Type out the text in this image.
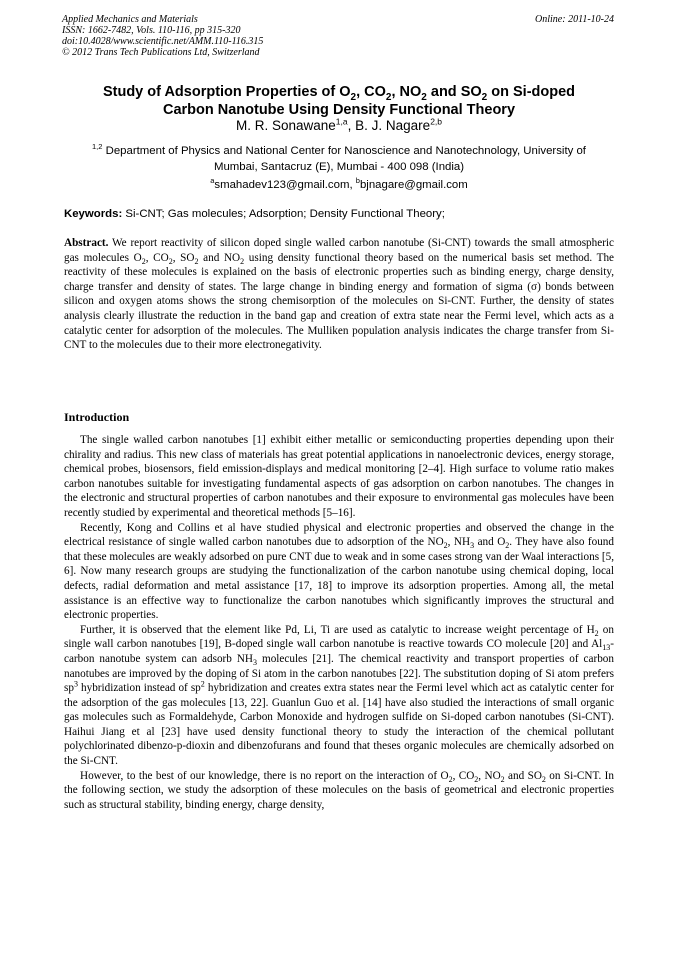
Applied Mechanics and Materials
ISSN: 1662-7482, Vols. 110-116, pp 315-320
doi:10.4028/www.scientific.net/AMM.110-116.315
© 2012 Trans Tech Publications Ltd, Switzerland
Online: 2011-10-24
Study of Adsorption Properties of $O_2$, $CO_2$, $NO_2$ and $SO_2$ on Si-doped
Carbon Nanotube Using Density Functional Theory
M. R. Sonawane$^{1,a}$, B. J. Nagare$^{2,b}$
$^{1,2}$ Department of Physics and National Center for Nanoscience and Nanotechnology, University of
Mumbai, Santacruz (E), Mumbai - 400 098 (India)
$^a$smahadev123@gmail.com, $^b$bjnagare@gmail.com
Keywords: Si-CNT; Gas molecules; Adsorption; Density Functional Theory;
Abstract. We report reactivity of silicon doped single walled carbon nanotube (Si-CNT) towards the small atmospheric gas molecules $O_2$, $CO_2$, $SO_2$ and $NO_2$ using density functional theory based on the numerical basis set method. The reactivity of these molecules is explained on the basis of electronic properties such as binding energy, charge density, charge transfer and density of states. The large change in binding energy and formation of sigma (σ) bonds between silicon and oxygen atoms shows the strong chemisorption of the molecules on Si-CNT. Further, the density of states analysis clearly illustrate the reduction in the band gap and creation of extra state near the Fermi level, which acts as a catalytic center for adsorption of the molecules. The Mulliken population analysis indicates the charge transfer from Si-CNT to the molecules due to their more electronegativity.
Introduction

The single walled carbon nanotubes [1] exhibit either metallic or semiconducting properties depending upon their chirality and radius. This new class of materials has great potential applications in nanoelectronic devices, energy storage, chemical probes, biosensors, field emission-displays and medical monitoring [2–4]. High surface to volume ratio makes carbon nanotubes suitable for investigating fundamental aspects of gas adsorption on carbon nanotubes. The changes in the electronic and structural properties of carbon nanotubes and their exposure to environmental gas molecules have been recently studied by experimental and theoretical methods [5–16].

Recently, Kong and Collins et al have studied physical and electronic properties and observed the change in the electrical resistance of single walled carbon nanotubes due to adsorption of the $NO_2$, $NH_3$ and $O_2$. They have also found that these molecules are weakly adsorbed on pure CNT due to weak and in some cases strong van der Waal interactions [5, 6]. Now many research groups are studying the functionalization of the carbon nanotube using chemical doping, local defects, radial deformation and metal assistance [17, 18] to improve its adsorption properties. Among all, the metal assistance is an effective way to functionalize the carbon nanotubes which significantly improves the structural and electronic properties.

Further, it is observed that the element like Pd, Li, Ti are used as catalytic to increase weight percentage of $H_2$ on single wall carbon nanotubes [19], B-doped single wall carbon nanotube is reactive towards CO molecule [20] and $Al_{13}$-carbon nanotube system can adsorb $NH_3$ molecules [21]. The chemical reactivity and transport properties of carbon nanotubes are improved by the doping of Si atom in the carbon nanotubes [22]. The substitution doping of Si atom prefers $sp^3$ hybridization instead of $sp^2$ hybridization and creates extra states near the Fermi level which act as catalytic center for the adsorption of the gas molecules [13, 22]. Guanlun Guo et al. [14] have also studied the interactions of small organic gas molecules such as Formaldehyde, Carbon Monoxide and hydrogen sulfide on Si-doped carbon nanotubes (Si-CNT). Haihui Jiang et al [23] have used density functional theory to study the interaction of the chemical pollutant polychlorinated dibenzo-p-dioxin and dibenzofurans and found that theses organic molecules are chemically adsorbed on the Si-CNT.

However, to the best of our knowledge, there is no report on the interaction of $O_2$, $CO_2$, $NO_2$ and $SO_2$ on Si-CNT. In the following section, we study the adsorption of these molecules on the basis of geometrical and electronic properties such as structural stability, binding energy, charge density,
